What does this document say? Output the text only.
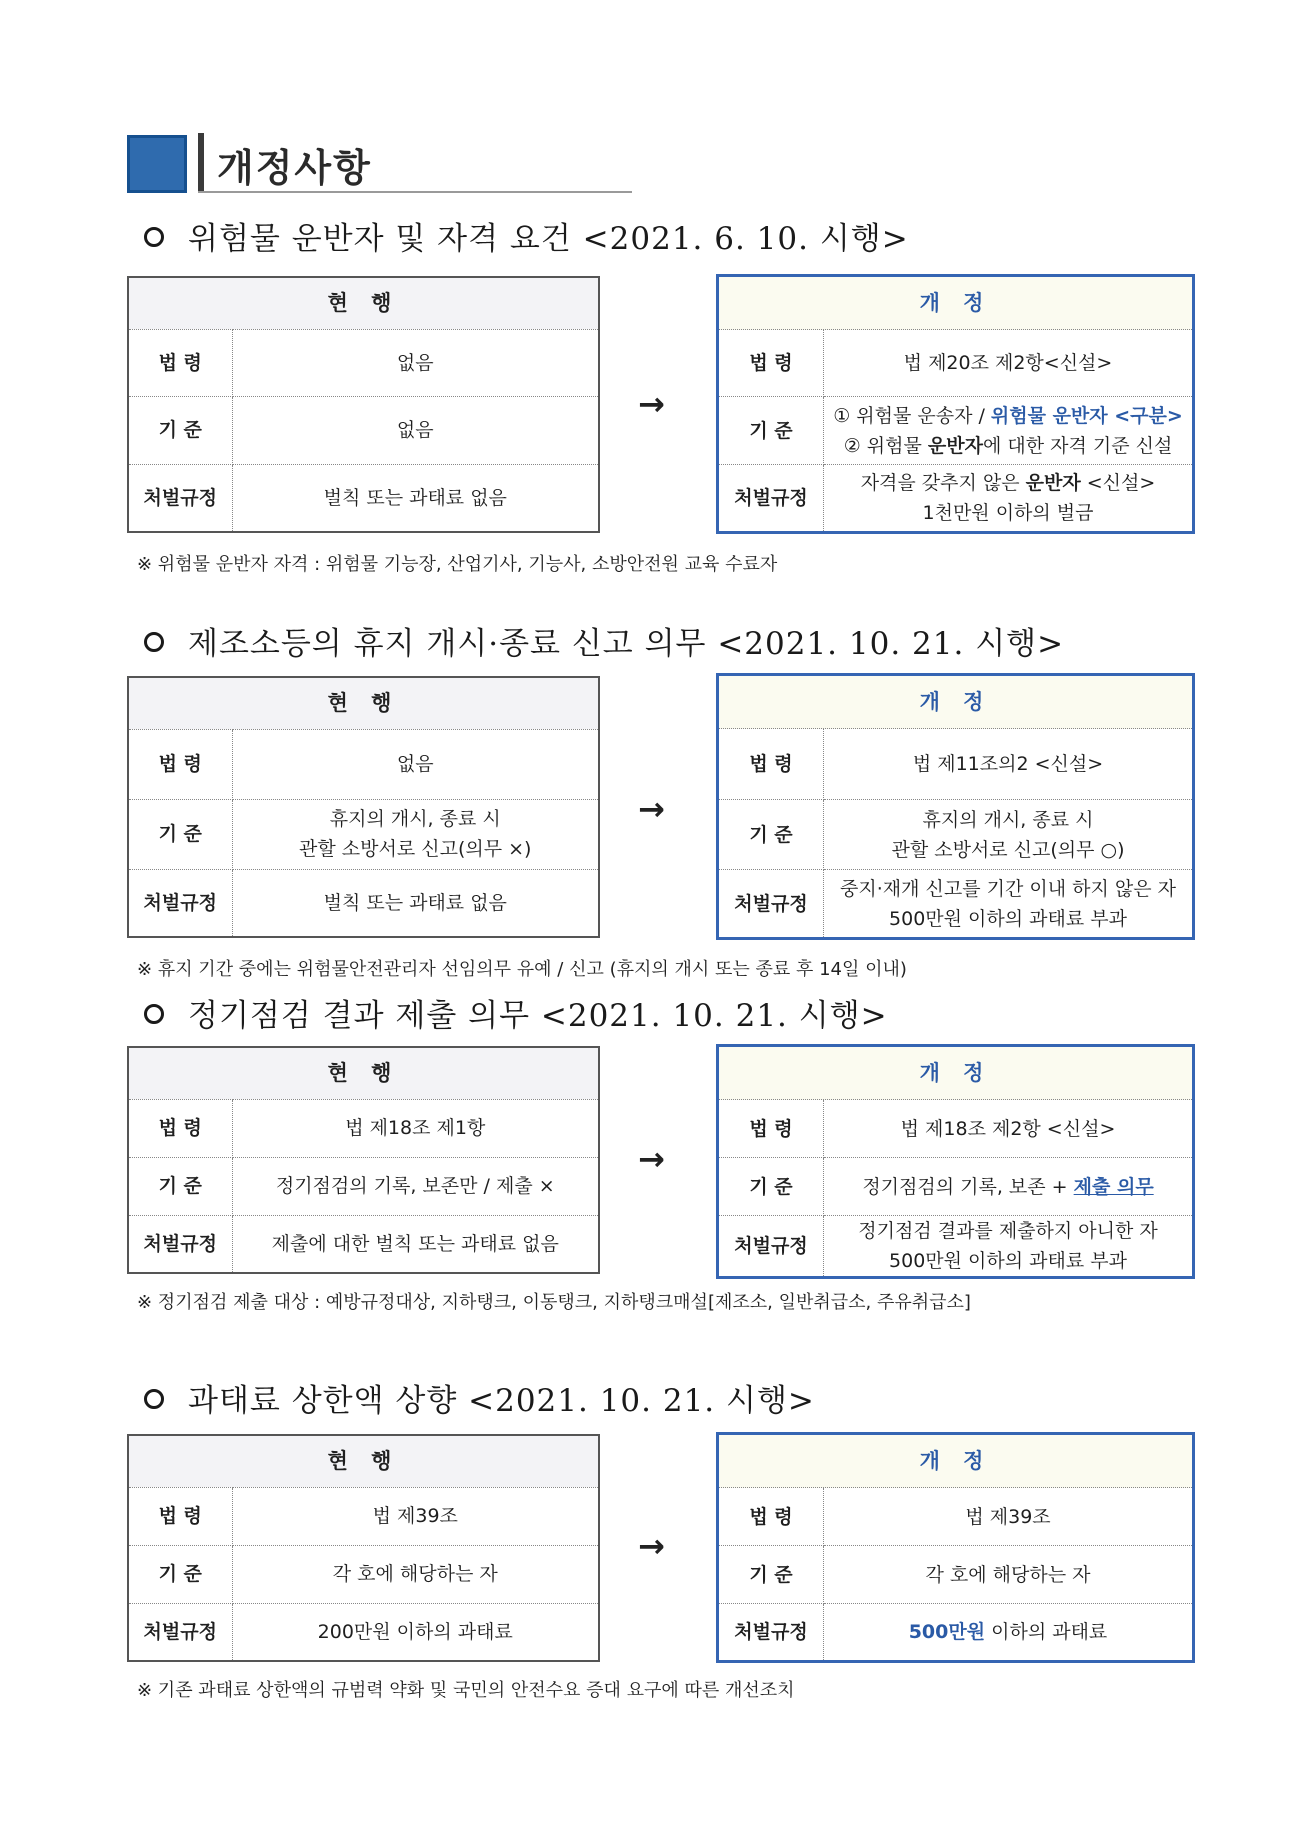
개정사항
위험물 운반자 및 자격 요건 <2021. 6. 10. 시행>
현 행	
법 령	없음
기 준	없음
처벌규정	벌칙 또는 과태료 없음
→
개 정	
법 령	법 제20조 제2항<신설>
기 준	① 위험물 운송자 / 위험물 운반자 <구분>
② 위험물 운반자에 대한 자격 기준 신설

처벌규정	자격을 갖추지 않은 운반자 <신설>
1천만원 이하의 벌금
※ 위험물 운반자 자격 : 위험물 기능장, 산업기사, 기능사, 소방안전원 교육 수료자
제조소등의 휴지 개시·종료 신고 의무 <2021. 10. 21. 시행>
현 행	
법 령	없음
기 준	휴지의 개시, 종료 시
관할 소방서로 신고(의무 ×)

처벌규정	벌칙 또는 과태료 없음
→
개 정	
법 령	법 제11조의2 <신설>
기 준	휴지의 개시, 종료 시
관할 소방서로 신고(의무 ○)

처벌규정	중지·재개 신고를 기간 이내 하지 않은 자
500만원 이하의 과태료 부과
※ 휴지 기간 중에는 위험물안전관리자 선임의무 유예 / 신고 (휴지의 개시 또는 종료 후 14일 이내)
정기점검 결과 제출 의무 <2021. 10. 21. 시행>
현 행	
법 령	법 제18조 제1항
기 준	정기점검의 기록, 보존만 / 제출 ×
처벌규정	제출에 대한 벌칙 또는 과태료 없음
→
개 정	
법 령	법 제18조 제2항 <신설>
기 준	정기점검의 기록, 보존 + 제출 의무
처벌규정	정기점검 결과를 제출하지 아니한 자
500만원 이하의 과태료 부과
※ 정기점검 제출 대상 : 예방규정대상, 지하탱크, 이동탱크, 지하탱크매설[제조소, 일반취급소, 주유취급소]
과태료 상한액 상향 <2021. 10. 21. 시행>
현 행	
법 령	법 제39조
기 준	각 호에 해당하는 자
처벌규정	200만원 이하의 과태료
→
개 정	
법 령	법 제39조
기 준	각 호에 해당하는 자
처벌규정	500만원 이하의 과태료
※ 기존 과태료 상한액의 규범력 약화 및 국민의 안전수요 증대 요구에 따른 개선조치
